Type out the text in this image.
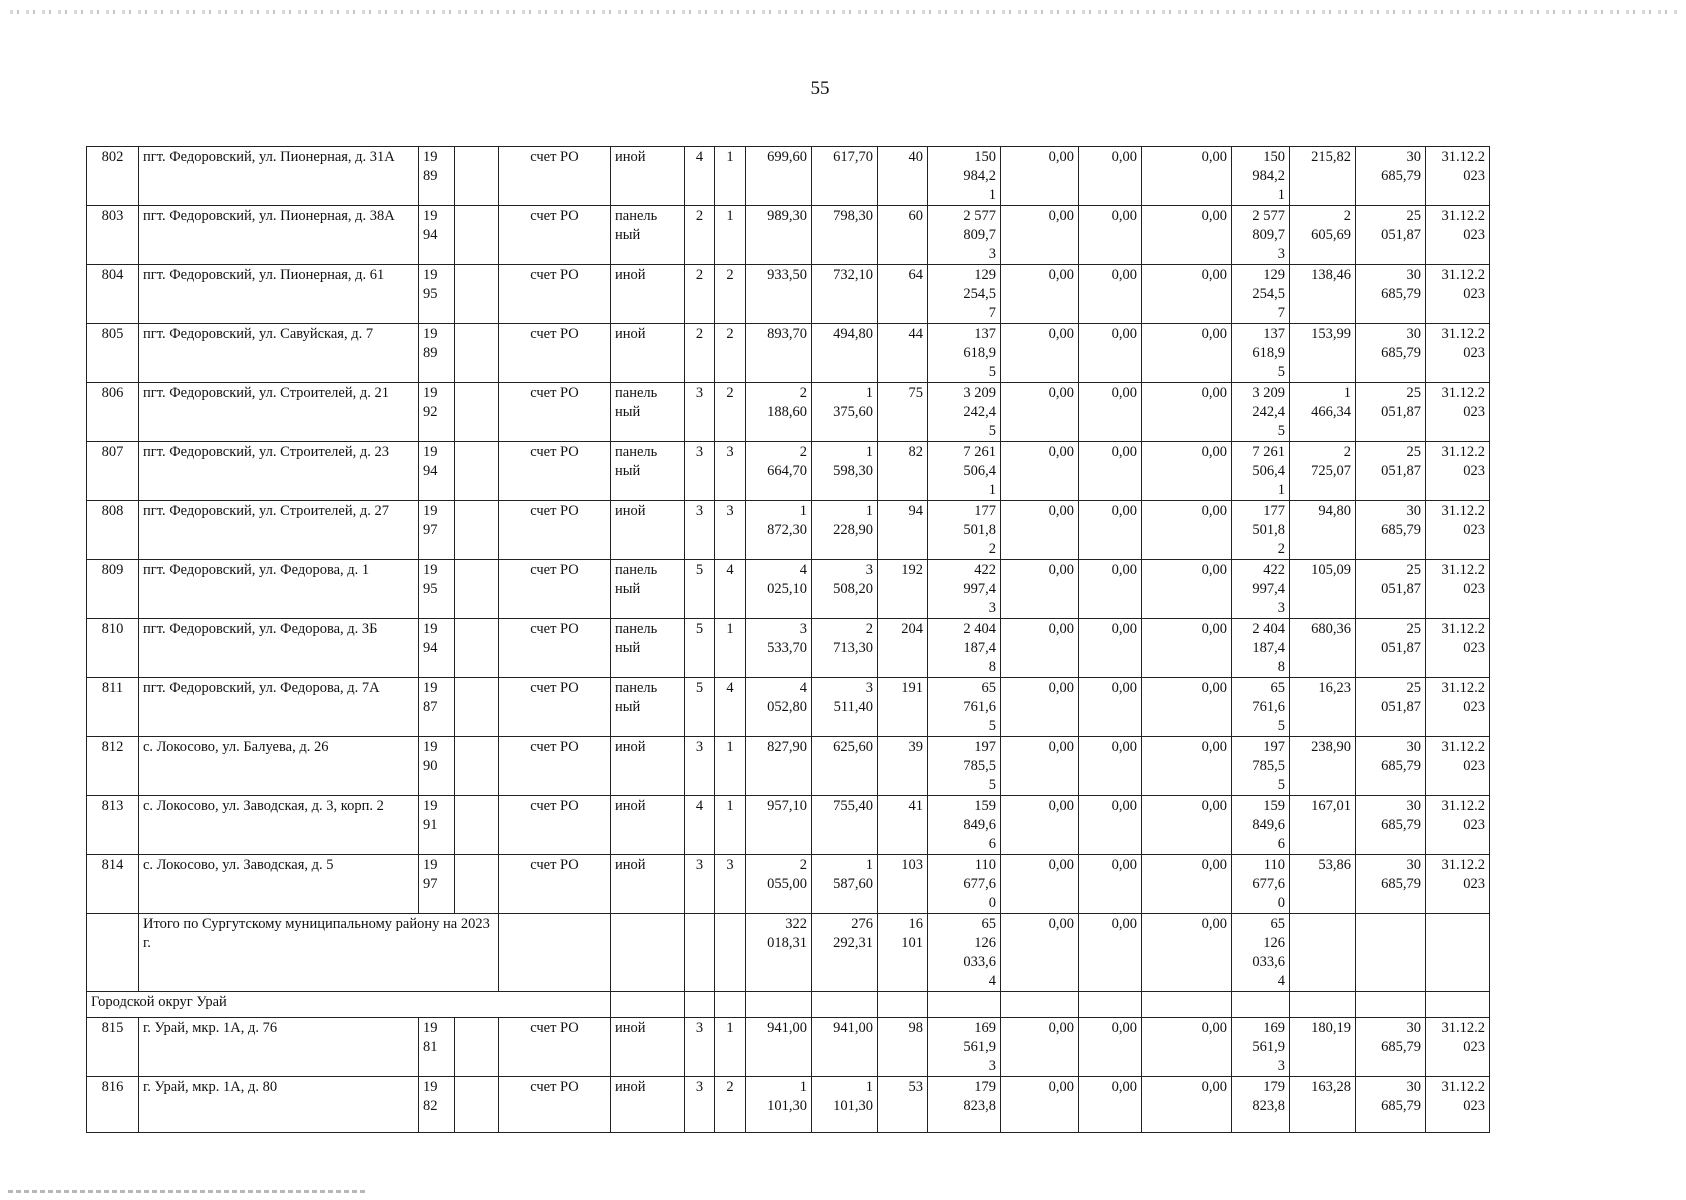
55
802	пгт. Федоровский, ул. Пионерная, д. 31А	19
89		счет РО	иной	4	1	699,60	617,70	40	150
984,2
1	0,00	0,00	0,00	150
984,2
1	215,82	30
685,79	31.12.2
023
803	пгт. Федоровский, ул. Пионерная, д. 38А	19
94		счет РО	панель
ный	2	1	989,30	798,30	60	2 577
809,7
3	0,00	0,00	0,00	2 577
809,7
3	2
605,69	25
051,87	31.12.2
023
804	пгт. Федоровский, ул. Пионерная, д. 61	19
95		счет РО	иной	2	2	933,50	732,10	64	129
254,5
7	0,00	0,00	0,00	129
254,5
7	138,46	30
685,79	31.12.2
023
805	пгт. Федоровский, ул. Савуйская, д. 7	19
89		счет РО	иной	2	2	893,70	494,80	44	137
618,9
5	0,00	0,00	0,00	137
618,9
5	153,99	30
685,79	31.12.2
023
806	пгт. Федоровский, ул. Строителей, д. 21	19
92		счет РО	панель
ный	3	2	2
188,60	1
375,60	75	3 209
242,4
5	0,00	0,00	0,00	3 209
242,4
5	1
466,34	25
051,87	31.12.2
023
807	пгт. Федоровский, ул. Строителей, д. 23	19
94		счет РО	панель
ный	3	3	2
664,70	1
598,30	82	7 261
506,4
1	0,00	0,00	0,00	7 261
506,4
1	2
725,07	25
051,87	31.12.2
023
808	пгт. Федоровский, ул. Строителей, д. 27	19
97		счет РО	иной	3	3	1
872,30	1
228,90	94	177
501,8
2	0,00	0,00	0,00	177
501,8
2	94,80	30
685,79	31.12.2
023
809	пгт. Федоровский, ул. Федорова, д. 1	19
95		счет РО	панель
ный	5	4	4
025,10	3
508,20	192	422
997,4
3	0,00	0,00	0,00	422
997,4
3	105,09	25
051,87	31.12.2
023
810	пгт. Федоровский, ул. Федорова, д. 3Б	19
94		счет РО	панель
ный	5	1	3
533,70	2
713,30	204	2 404
187,4
8	0,00	0,00	0,00	2 404
187,4
8	680,36	25
051,87	31.12.2
023
811	пгт. Федоровский, ул. Федорова, д. 7А	19
87		счет РО	панель
ный	5	4	4
052,80	3
511,40	191	65
761,6
5	0,00	0,00	0,00	65
761,6
5	16,23	25
051,87	31.12.2
023
812	с. Локосово, ул. Балуева, д. 26	19
90		счет РО	иной	3	1	827,90	625,60	39	197
785,5
5	0,00	0,00	0,00	197
785,5
5	238,90	30
685,79	31.12.2
023
813	с. Локосово, ул. Заводская, д. 3, корп. 2	19
91		счет РО	иной	4	1	957,10	755,40	41	159
849,6
6	0,00	0,00	0,00	159
849,6
6	167,01	30
685,79	31.12.2
023
814	с. Локосово, ул. Заводская, д. 5	19
97		счет РО	иной	3	3	2
055,00	1
587,60	103	110
677,6
0	0,00	0,00	0,00	110
677,6
0	53,86	30
685,79	31.12.2
023
	Итого по Сургутскому муниципальному району на 2023 г.							322
018,31	276
292,31	16
101	65
126
033,6
4	0,00	0,00	0,00	65
126
033,6
4			
Городской округ Урай																		
815	г. Урай, мкр. 1А, д. 76	19
81		счет РО	иной	3	1	941,00	941,00	98	169
561,9
3	0,00	0,00	0,00	169
561,9
3	180,19	30
685,79	31.12.2
023
816	г. Урай, мкр. 1А, д. 80	19
82		счет РО	иной	3	2	1
101,30	1
101,30	53	179
823,8	0,00	0,00	0,00	179
823,8	163,28	30
685,79	31.12.2
023
